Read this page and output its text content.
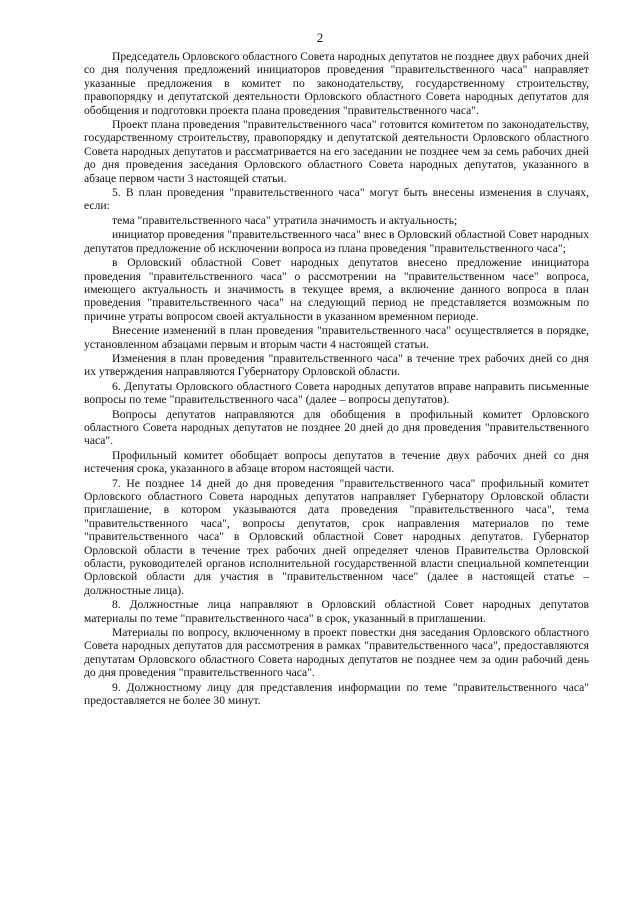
2

Председатель Орловского областного Совета народных депутатов не позднее двух рабочих дней со дня получения предложений инициаторов проведения "правительственного часа" направляет указанные предложения в комитет по законодательству, государственному строительству, правопорядку и депутатской деятельности Орловского областного Совета народных депутатов для обобщения и подготовки проекта плана проведения "правительственного часа".

Проект плана проведения "правительственного часа" готовится комитетом по законодательству, государственному строительству, правопорядку и депутатской деятельности Орловского областного Совета народных депутатов и рассматривается на его заседании не позднее чем за семь рабочих дней до дня проведения заседания Орловского областного Совета народных депутатов, указанного в абзаце первом части 3 настоящей статьи.

5. В план проведения "правительственного часа" могут быть внесены изменения в случаях, если:

тема "правительственного часа" утратила значимость и актуальность;

инициатор проведения "правительственного часа" внес в Орловский областной Совет народных депутатов предложение об исключении вопроса из плана проведения "правительственного часа";

в Орловский областной Совет народных депутатов внесено предложение инициатора проведения "правительственного часа" о рассмотрении на "правительственном часе" вопроса, имеющего актуальность и значимость в текущее время, а включение данного вопроса в план проведения "правительственного часа" на следующий период не представляется возможным по причине утраты вопросом своей актуальности в указанном временном периоде.

Внесение изменений в план проведения "правительственного часа" осуществляется в порядке, установленном абзацами первым и вторым части 4 настоящей статьи.

Изменения в план проведения "правительственного часа" в течение трех рабочих дней со дня их утверждения направляются Губернатору Орловской области.

6. Депутаты Орловского областного Совета народных депутатов вправе направить письменные вопросы по теме "правительственного часа" (далее – вопросы депутатов).

Вопросы депутатов направляются для обобщения в профильный комитет Орловского областного Совета народных депутатов не позднее 20 дней до дня проведения "правительственного часа".

Профильный комитет обобщает вопросы депутатов в течение двух рабочих дней со дня истечения срока, указанного в абзаце втором настоящей части.

7. Не позднее 14 дней до дня проведения "правительственного часа" профильный комитет Орловского областного Совета народных депутатов направляет Губернатору Орловской области приглашение, в котором указываются дата проведения "правительственного часа", тема "правительственного часа", вопросы депутатов, срок направления материалов по теме "правительственного часа" в Орловский областной Совет народных депутатов. Губернатор Орловской области в течение трех рабочих дней определяет членов Правительства Орловской области, руководителей органов исполнительной государственной власти специальной компетенции Орловской области для участия в "правительственном часе" (далее в настоящей статье – должностные лица).

8. Должностные лица направляют в Орловский областной Совет народных депутатов материалы по теме "правительственного часа" в срок, указанный в приглашении.

Материалы по вопросу, включенному в проект повестки дня заседания Орловского областного Совета народных депутатов для рассмотрения в рамках "правительственного часа", предоставляются депутатам Орловского областного Совета народных депутатов не позднее чем за один рабочий день до дня проведения "правительственного часа".

9. Должностному лицу для представления информации по теме "правительственного часа" предоставляется не более 30 минут.
